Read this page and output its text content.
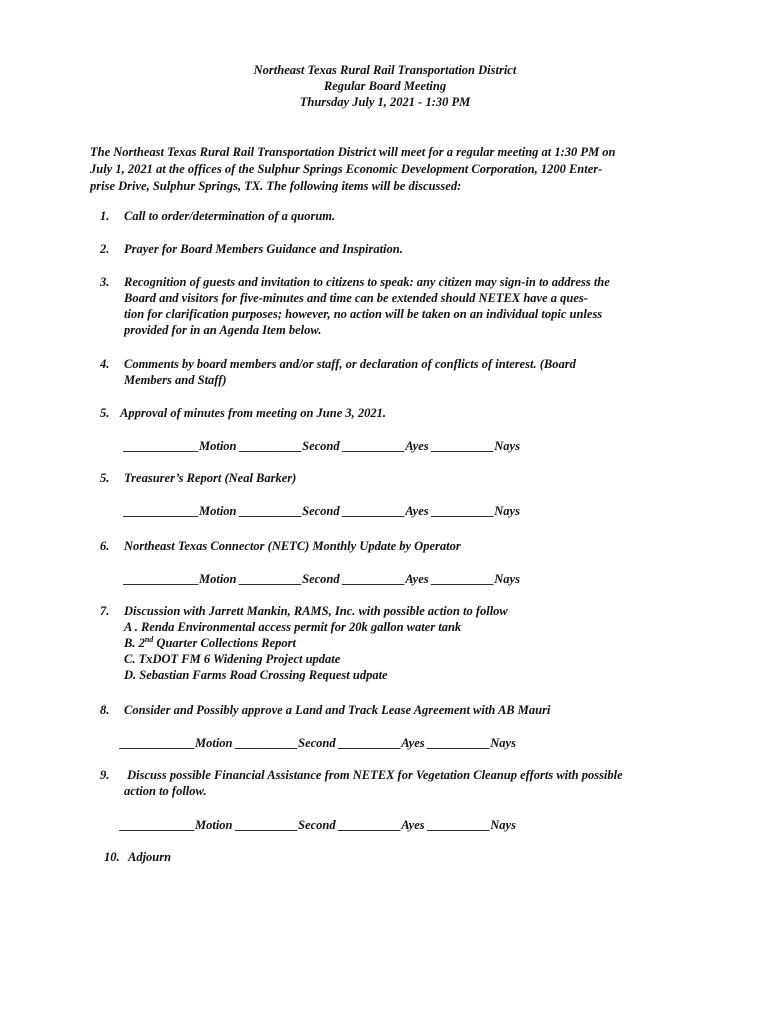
Northeast Texas Rural Rail Transportation District
Regular Board Meeting
Thursday July 1, 2021 - 1:30 PM
The Northeast Texas Rural Rail Transportation District will meet for a regular meeting at 1:30 PM on
July 1, 2021 at the offices of the Sulphur Springs Economic Development Corporation, 1200 Enter-
prise Drive, Sulphur Springs, TX. The following items will be discussed:
1. Call to order/determination of a quorum.
2. Prayer for Board Members Guidance and Inspiration.
3. Recognition of guests and invitation to citizens to speak: any citizen may sign-in to address the
Board and visitors for five-minutes and time can be extended should NETEX have a ques-
tion for clarification purposes; however, no action will be taken on an individual topic unless
provided for in an Agenda Item below.
4. Comments by board members and/or staff, or declaration of conflicts of interest. (Board
Members and Staff)
5. Approval of minutes from meeting on June 3, 2021.
____________Motion __________Second __________Ayes __________Nays
5. Treasurer’s Report (Neal Barker)
____________Motion __________Second __________Ayes __________Nays
6. Northeast Texas Connector (NETC) Monthly Update by Operator
____________Motion __________Second __________Ayes __________Nays
7. Discussion with Jarrett Mankin, RAMS, Inc. with possible action to follow
A . Renda Environmental access permit for 20k gallon water tank
B. 2nd Quarter Collections Report
C. TxDOT FM 6 Widening Project update
D. Sebastian Farms Road Crossing Request udpate
8. Consider and Possibly approve a Land and Track Lease Agreement with AB Mauri
____________Motion __________Second __________Ayes __________Nays
9. Discuss possible Financial Assistance from NETEX for Vegetation Cleanup efforts with possible
action to follow.
____________Motion __________Second __________Ayes __________Nays
10. Adjourn
